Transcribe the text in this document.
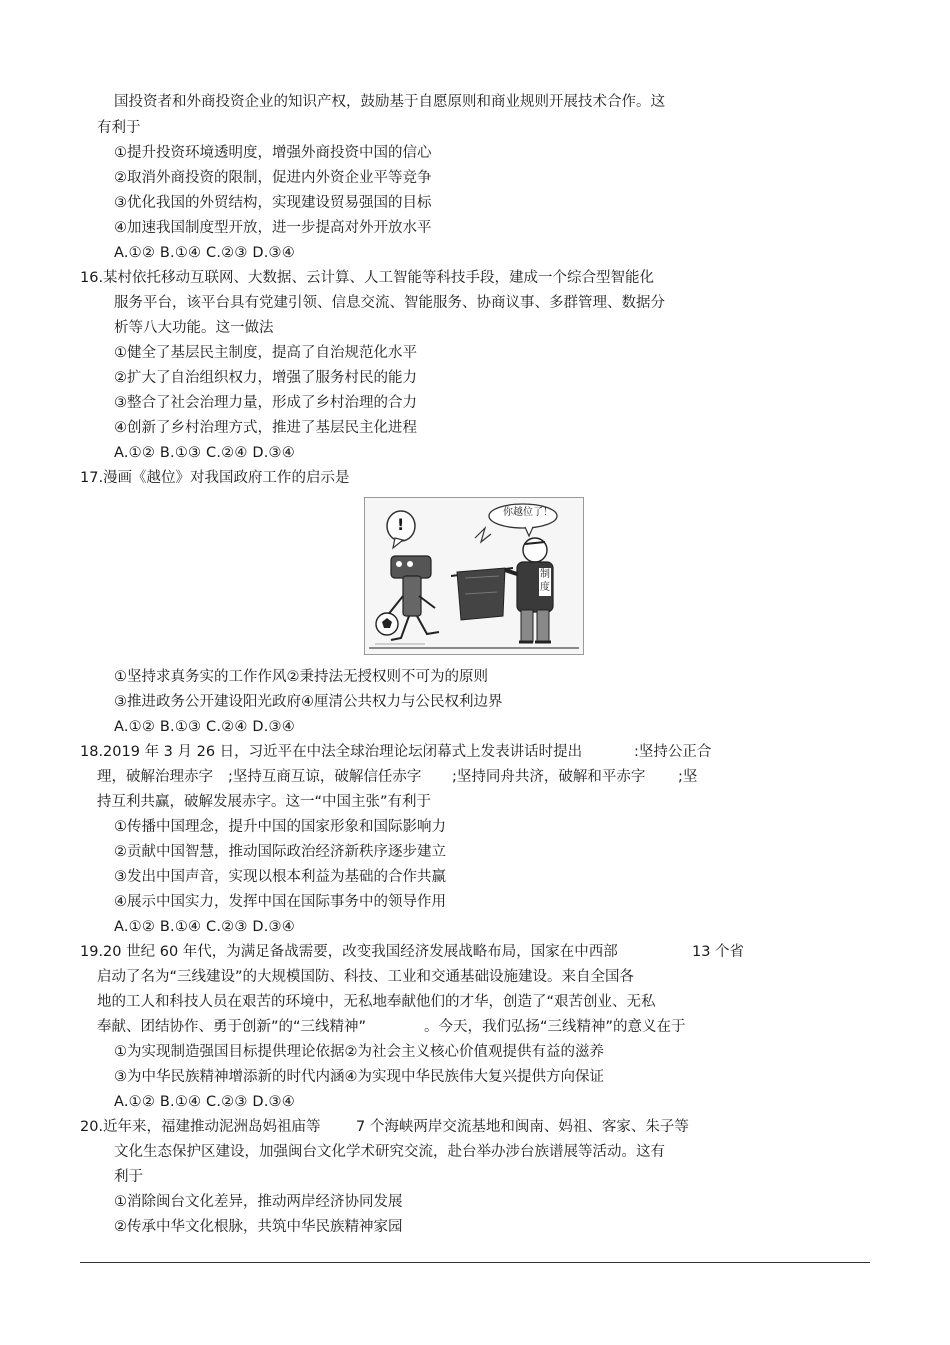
国投资者和外商投资企业的知识产权，鼓励基于自愿原则和商业规则开展技术合作。这
有利于
①提升投资环境透明度，增强外商投资中国的信心
②取消外商投资的限制，促进内外资企业平等竞争
③优化我国的外贸结构，实现建设贸易强国的目标
④加速我国制度型开放，进一步提高对外开放水平
A.①② B.①④ C.②③ D.③④
16.某村依托移动互联网、大数据、云计算、人工智能等科技手段，建成一个综合型智能化
服务平台，该平台具有党建引领、信息交流、智能服务、协商议事、多群管理、数据分
析等八大功能。这一做法
①健全了基层民主制度，提高了自治规范化水平
②扩大了自治组织权力，增强了服务村民的能力
③整合了社会治理力量，形成了乡村治理的合力
④创新了乡村治理方式，推进了基层民主化进程
A.①② B.①③ C.②④ D.③④
17.漫画《越位》对我国政府工作的启示是
你越位了！
!
制
度
①坚持求真务实的工作作风②秉持法无授权则不可为的原则
③推进政务公开建设阳光政府④厘清公共权力与公民权利边界
A.①② B.①③ C.②④ D.③④
18.2019 年 3 月 26 日，习近平在中法全球治理论坛闭幕式上发表讲话时提出	:坚持公正合
理，破解治理赤字 ;坚持互商互谅，破解信任赤字 ;坚持同舟共济，破解和平赤字 ;坚
持互利共赢，破解发展赤字。这一“中国主张”有利于
①传播中国理念，提升中国的国家形象和国际影响力
②贡献中国智慧，推动国际政治经济新秩序逐步建立
③发出中国声音，实现以根本利益为基础的合作共赢
④展示中国实力，发挥中国在国际事务中的领导作用
A.①② B.①④ C.②③ D.③④
19.20 世纪 60 年代，为满足备战需要，改变我国经济发展战略布局，国家在中西部	13 个省
启动了名为“三线建设”的大规模国防、科技、工业和交通基础设施建设。来自全国各
地的工人和科技人员在艰苦的环境中，无私地奉献他们的才华，创造了“艰苦创业、无私
奉献、团结协作、勇于创新”的“三线精神”	。今天，我们弘扬“三线精神”的意义在于
①为实现制造强国目标提供理论依据②为社会主义核心价值观提供有益的滋养
③为中华民族精神增添新的时代内涵④为实现中华民族伟大复兴提供方向保证
A.①② B.①④ C.②③ D.③④
20.近年来，福建推动泥洲岛妈祖庙等 7 个海峡两岸交流基地和闽南、妈祖、客家、朱子等
文化生态保护区建设，加强闽台文化学术研究交流，赴台举办涉台族谱展等活动。这有
利于
①消除闽台文化差异，推动两岸经济协同发展
②传承中华文化根脉，共筑中华民族精神家园
